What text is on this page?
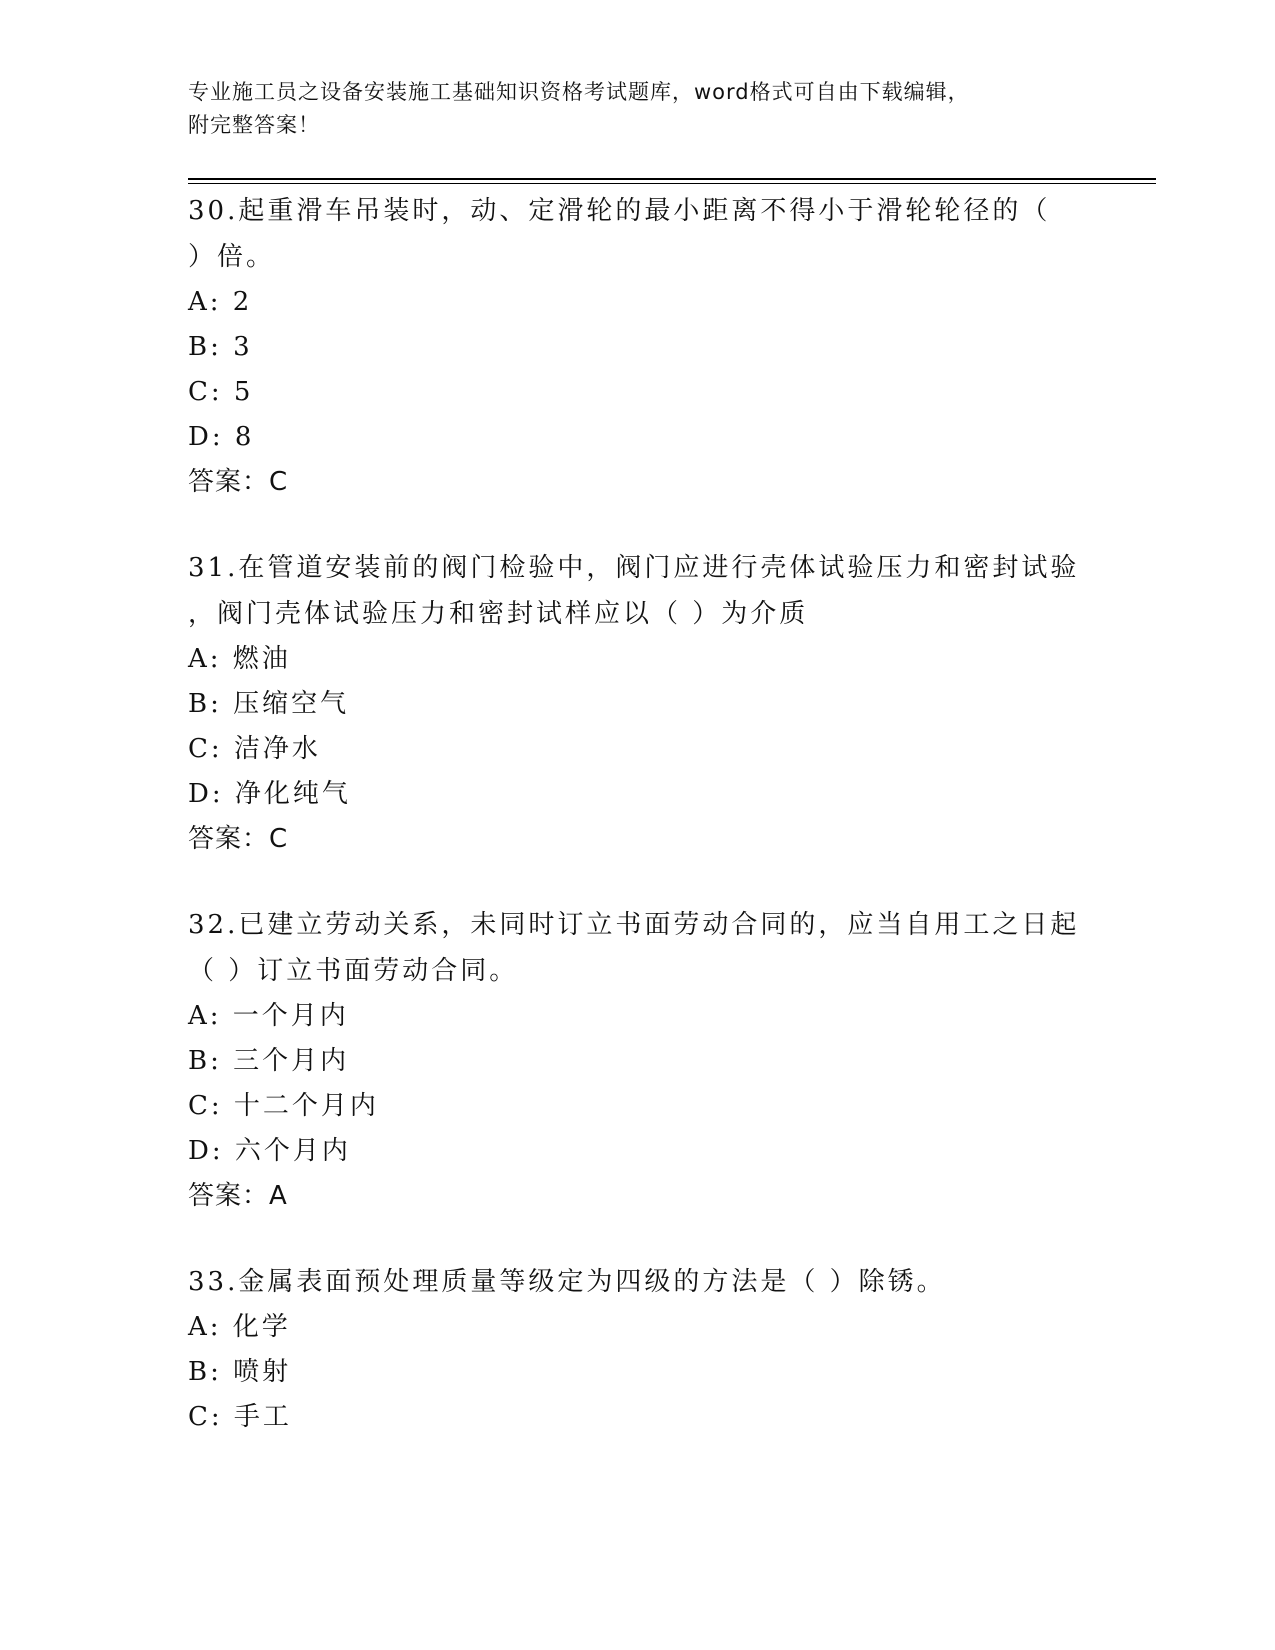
专业施工员之设备安装施工基础知识资格考试题库，word格式可自由下载编辑，
附完整答案！
30.起重滑车吊装时，动、定滑轮的最小距离不得小于滑轮轮径的（
）倍。
A: 2
B: 3
C: 5
D: 8
答案：C
31.在管道安装前的阀门检验中，阀门应进行壳体试验压力和密封试验
，阀门壳体试验压力和密封试样应以（ ）为介质
A: 燃油
B: 压缩空气
C: 洁净水
D: 净化纯气
答案：C
32.已建立劳动关系，未同时订立书面劳动合同的，应当自用工之日起
（ ）订立书面劳动合同。
A: 一个月内
B: 三个月内
C: 十二个月内
D: 六个月内
答案：A
33.金属表面预处理质量等级定为四级的方法是（ ）除锈。
A: 化学
B: 喷射
C: 手工
